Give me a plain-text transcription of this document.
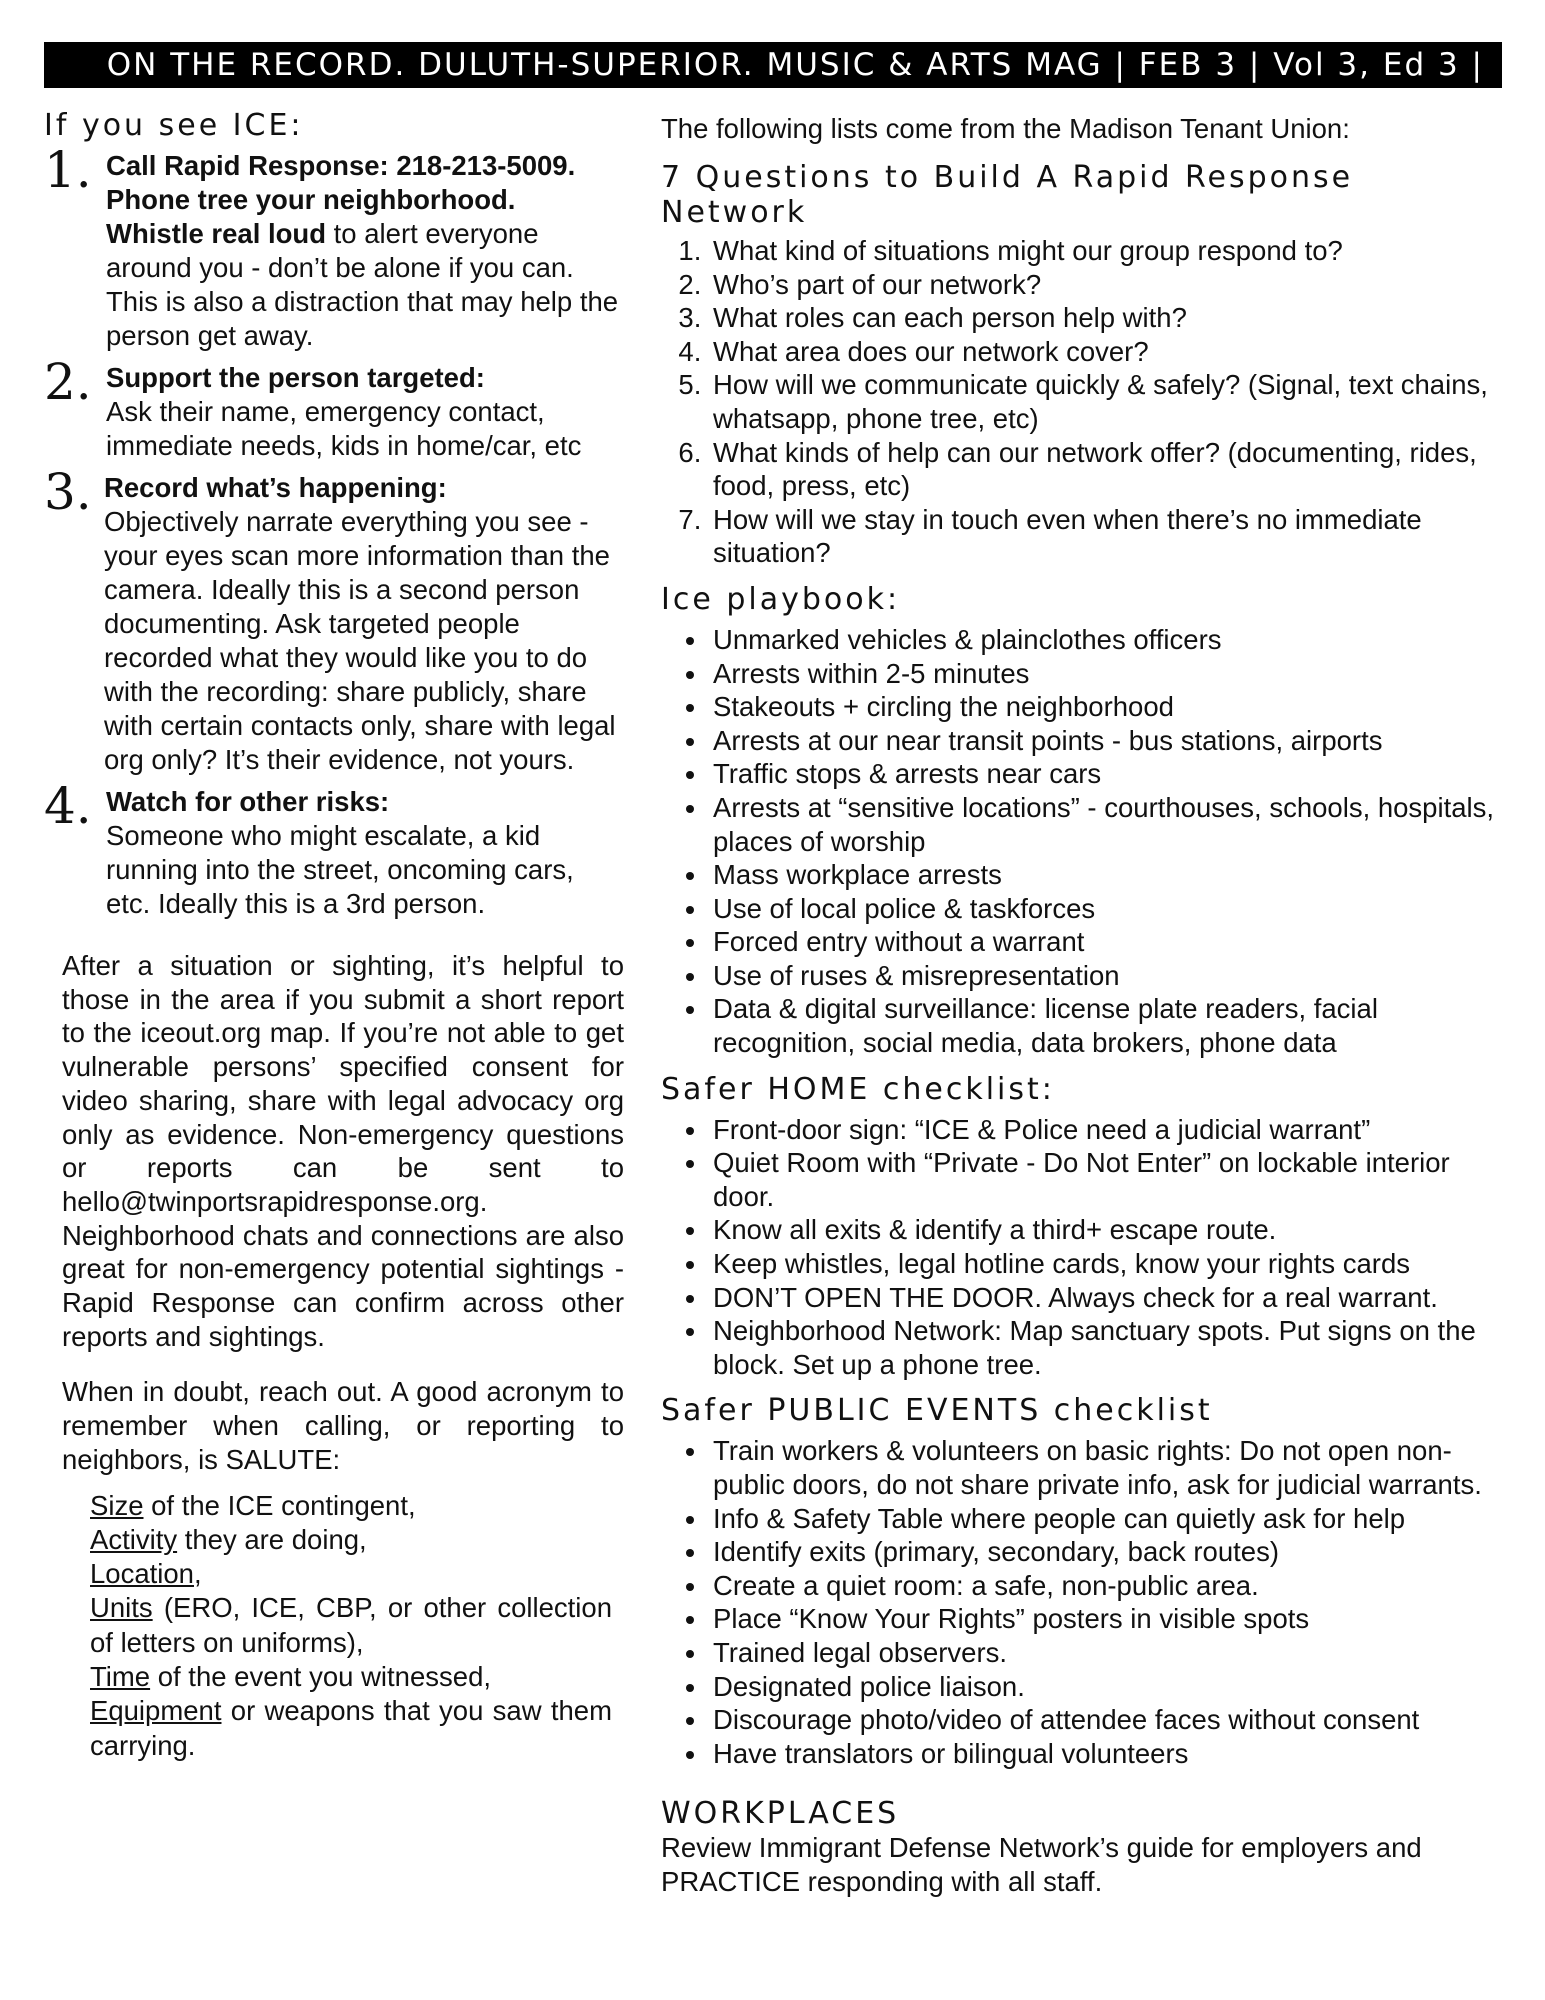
ON THE RECORD. DULUTH-SUPERIOR. MUSIC & ARTS MAG | FEB 3 | Vol 3, Ed 3 | page 9
If you see ICE:
1. Call Rapid Response: 218-213-5009.
Phone tree your neighborhood.
Whistle real loud to alert everyone around you - don’t be alone if you can. This is also a distraction that may help the person get away.
2. Support the person targeted:
Ask their name, emergency contact, immediate needs, kids in home/car, etc
3. Record what’s happening:
Objectively narrate everything you see - your eyes scan more information than the camera. Ideally this is a second person documenting. Ask targeted people recorded what they would like you to do with the recording: share publicly, share with certain contacts only, share with legal org only? It’s their evidence, not yours.
4. Watch for other risks:
Someone who might escalate, a kid running into the street, oncoming cars, etc. Ideally this is a 3rd person.

After a situation or sighting, it’s helpful to those in the area if you submit a short report to the iceout.org map. If you’re not able to get vulnerable persons’ specified consent for video sharing, share with legal advocacy org only as evidence. Non-emergency questions or reports can be sent to hello@twinportsrapidresponse.org. Neighborhood chats and connections are also great for non-emergency potential sightings - Rapid Response can confirm across other reports and sightings.

When in doubt, reach out. A good acronym to remember when calling, or reporting to neighbors, is SALUTE:

Size of the ICE contingent,
Activity they are doing,
Location,
Units (ERO, ICE, CBP, or other collection of letters on uniforms),
Time of the event you witnessed,
Equipment or weapons that you saw them carrying.

The following lists come from the Madison Tenant Union:

7 Questions to Build A Rapid Response Network
1. What kind of situations might our group respond to?
2. Who’s part of our network?
3. What roles can each person help with?
4. What area does our network cover?
5. How will we communicate quickly & safely? (Signal, text chains, whatsapp, phone tree, etc)
6. What kinds of help can our network offer? (documenting, rides, food, press, etc)
7. How will we stay in touch even when there’s no immediate situation?
Ice playbook:
• Unmarked vehicles & plainclothes officers
• Arrests within 2-5 minutes
• Stakeouts + circling the neighborhood
• Arrests at our near transit points - bus stations, airports
• Traffic stops & arrests near cars
• Arrests at “sensitive locations” - courthouses, schools, hospitals, places of worship
• Mass workplace arrests
• Use of local police & taskforces
• Forced entry without a warrant
• Use of ruses & misrepresentation
• Data & digital surveillance: license plate readers, facial recognition, social media, data brokers, phone data
Safer HOME checklist:
• Front-door sign: “ICE & Police need a judicial warrant”
• Quiet Room with “Private - Do Not Enter” on lockable interior door.
• Know all exits & identify a third+ escape route.
• Keep whistles, legal hotline cards, know your rights cards
• DON’T OPEN THE DOOR. Always check for a real warrant.
• Neighborhood Network: Map sanctuary spots. Put signs on the block. Set up a phone tree.
Safer PUBLIC EVENTS checklist
• Train workers & volunteers on basic rights: Do not open non-public doors, do not share private info, ask for judicial warrants.
• Info & Safety Table where people can quietly ask for help
• Identify exits (primary, secondary, back routes)
• Create a quiet room: a safe, non-public area.
• Place “Know Your Rights” posters in visible spots
• Trained legal observers.
• Designated police liaison.
• Discourage photo/video of attendee faces without consent
• Have translators or bilingual volunteers
WORKPLACES
Review Immigrant Defense Network’s guide for employers and PRACTICE responding with all staff.
